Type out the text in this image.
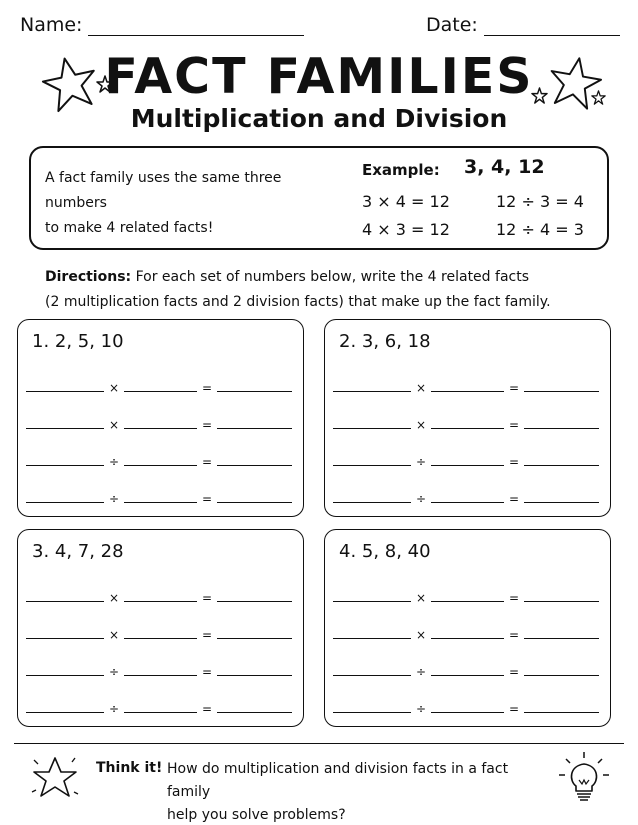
Name:	Date:
FACT FAMILIES
Multiplication and Division
A fact family uses the same three numbers
to make 4 related facts!
Example: 3, 4, 12
3 × 4 = 12	12 ÷ 3 = 4
4 × 3 = 12	12 ÷ 4 = 3
Directions: For each set of numbers below, write the 4 related facts
(2 multiplication facts and 2 division facts) that make up the fact family.
1. 2, 5, 10
×	=
×	=
÷	=
÷	=
2. 3, 6, 18
×	=
×	=
÷	=
÷	=
3. 4, 7, 28
×	=
×	=
÷	=
÷	=
4. 5, 8, 40
×	=
×	=
÷	=
÷	=
Think it! How do multiplication and division facts in a fact family
help you solve problems?
